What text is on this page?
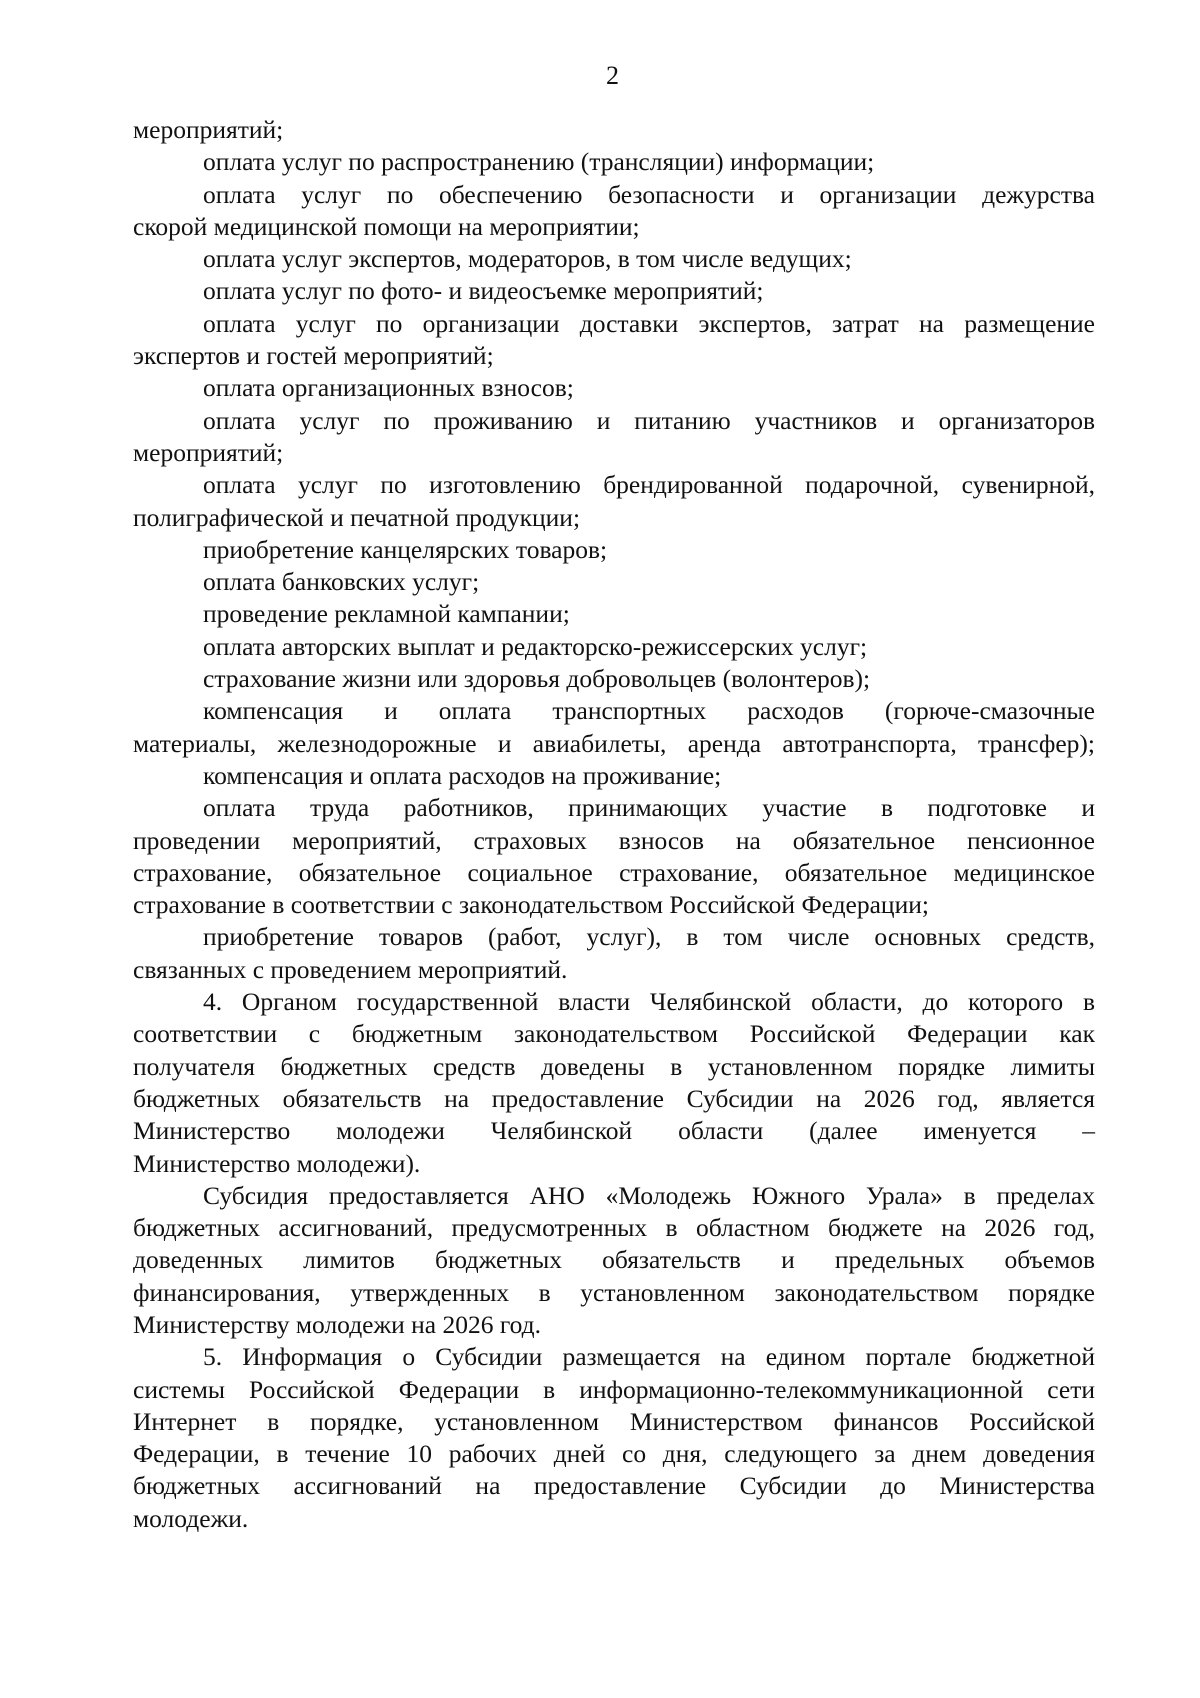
2
мероприятий;
оплата услуг по распространению (трансляции) информации;
оплата услуг по обеспечению безопасности и организации дежурства
скорой медицинской помощи на мероприятии;
оплата услуг экспертов, модераторов, в том числе ведущих;
оплата услуг по фото- и видеосъемке мероприятий;
оплата услуг по организации доставки экспертов, затрат на размещение
экспертов и гостей мероприятий;
оплата организационных взносов;
оплата услуг по проживанию и питанию участников и организаторов
мероприятий;
оплата услуг по изготовлению брендированной подарочной, сувенирной,
полиграфической и печатной продукции;
приобретение канцелярских товаров;
оплата банковских услуг;
проведение рекламной кампании;
оплата авторских выплат и редакторско-режиссерских услуг;
страхование жизни или здоровья добровольцев (волонтеров);
компенсация и оплата транспортных расходов (горюче-смазочные
материалы, железнодорожные и авиабилеты, аренда автотранспорта, трансфер);
компенсация и оплата расходов на проживание;
оплата труда работников, принимающих участие в подготовке и
проведении мероприятий, страховых взносов на обязательное пенсионное
страхование, обязательное социальное страхование, обязательное медицинское
страхование в соответствии с законодательством Российской Федерации;
приобретение товаров (работ, услуг), в том числе основных средств,
связанных с проведением мероприятий.
4. Органом государственной власти Челябинской области, до которого в
соответствии с бюджетным законодательством Российской Федерации как
получателя бюджетных средств доведены в установленном порядке лимиты
бюджетных обязательств на предоставление Субсидии на 2026 год, является
Министерство молодежи Челябинской области (далее именуется –
Министерство молодежи).
Субсидия предоставляется АНО «Молодежь Южного Урала» в пределах
бюджетных ассигнований, предусмотренных в областном бюджете на 2026 год,
доведенных лимитов бюджетных обязательств и предельных объемов
финансирования, утвержденных в установленном законодательством порядке
Министерству молодежи на 2026 год.
5. Информация о Субсидии размещается на едином портале бюджетной
системы Российской Федерации в информационно-телекоммуникационной сети
Интернет в порядке, установленном Министерством финансов Российской
Федерации, в течение 10 рабочих дней со дня, следующего за днем доведения
бюджетных ассигнований на предоставление Субсидии до Министерства
молодежи.
